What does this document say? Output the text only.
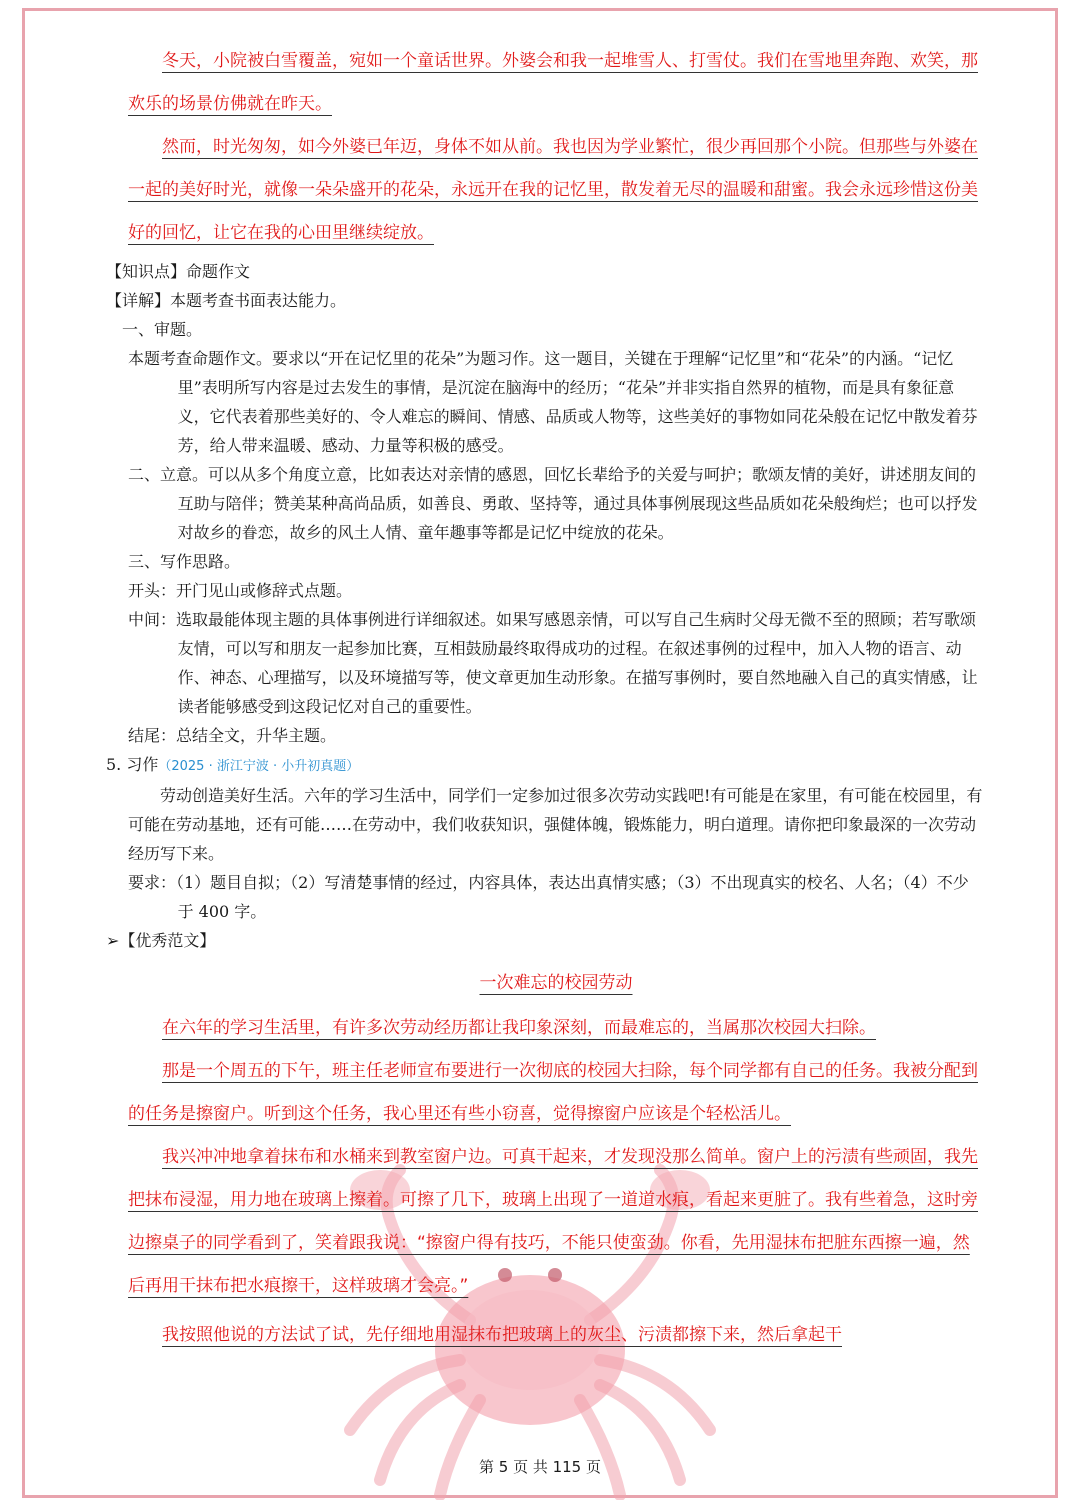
冬天，小院被白雪覆盖，宛如一个童话世界。外婆会和我一起堆雪人、打雪仗。我们在雪地里奔跑、欢笑，那欢乐的场景仿佛就在昨天。

然而，时光匆匆，如今外婆已年迈，身体不如从前。我也因为学业繁忙，很少再回那个小院。但那些与外婆在一起的美好时光，就像一朵朵盛开的花朵，永远开在我的记忆里，散发着无尽的温暖和甜蜜。我会永远珍惜这份美好的回忆，让它在我的心田里继续绽放。

【知识点】命题作文

【详解】本题考查书面表达能力。

一、审题。

本题考查命题作文。要求以“开在记忆里的花朵”为题习作。这一题目，关键在于理解“记忆里”和“花朵”的内涵。“记忆里”表明所写内容是过去发生的事情，是沉淀在脑海中的经历；“花朵”并非实指自然界的植物，而是具有象征意义，它代表着那些美好的、令人难忘的瞬间、情感、品质或人物等，这些美好的事物如同花朵般在记忆中散发着芬芳，给人带来温暖、感动、力量等积极的感受。

二、立意。可以从多个角度立意，比如表达对亲情的感恩，回忆长辈给予的关爱与呵护；歌颂友情的美好，讲述朋友间的互助与陪伴；赞美某种高尚品质，如善良、勇敢、坚持等，通过具体事例展现这些品质如花朵般绚烂；也可以抒发对故乡的眷恋，故乡的风土人情、童年趣事等都是记忆中绽放的花朵。

三、写作思路。

开头：开门见山或修辞式点题。

中间：选取最能体现主题的具体事例进行详细叙述。如果写感恩亲情，可以写自己生病时父母无微不至的照顾；若写歌颂友情，可以写和朋友一起参加比赛，互相鼓励最终取得成功的过程。在叙述事例的过程中，加入人物的语言、动作、神态、心理描写，以及环境描写等，使文章更加生动形象。在描写事例时，要自然地融入自己的真实情感，让读者能够感受到这段记忆对自己的重要性。

结尾：总结全文，升华主题。

5. 习作（2025 · 浙江宁波 · 小升初真题）

劳动创造美好生活。六年的学习生活中，同学们一定参加过很多次劳动实践吧!有可能是在家里，有可能在校园里，有可能在劳动基地，还有可能……在劳动中，我们收获知识，强健体魄，锻炼能力，明白道理。请你把印象最深的一次劳动经历写下来。

要求：（1）题目自拟；（2）写清楚事情的经过，内容具体，表达出真情实感；（3）不出现真实的校名、人名；（4）不少于 400 字。

➢【优秀范文】

一次难忘的校园劳动

在六年的学习生活里，有许多次劳动经历都让我印象深刻，而最难忘的，当属那次校园大扫除。

那是一个周五的下午，班主任老师宣布要进行一次彻底的校园大扫除，每个同学都有自己的任务。我被分配到的任务是擦窗户。听到这个任务，我心里还有些小窃喜，觉得擦窗户应该是个轻松活儿。

我兴冲冲地拿着抹布和水桶来到教室窗户边。可真干起来，才发现没那么简单。窗户上的污渍有些顽固，我先把抹布浸湿，用力地在玻璃上擦着。可擦了几下，玻璃上出现了一道道水痕，看起来更脏了。我有些着急，这时旁边擦桌子的同学看到了，笑着跟我说：“擦窗户得有技巧，不能只使蛮劲。你看，先用湿抹布把脏东西擦一遍，然后再用干抹布把水痕擦干，这样玻璃才会亮。”

我按照他说的方法试了试，先仔细地用湿抹布把玻璃上的灰尘、污渍都擦下来，然后拿起干

第 5 页 共 115 页
